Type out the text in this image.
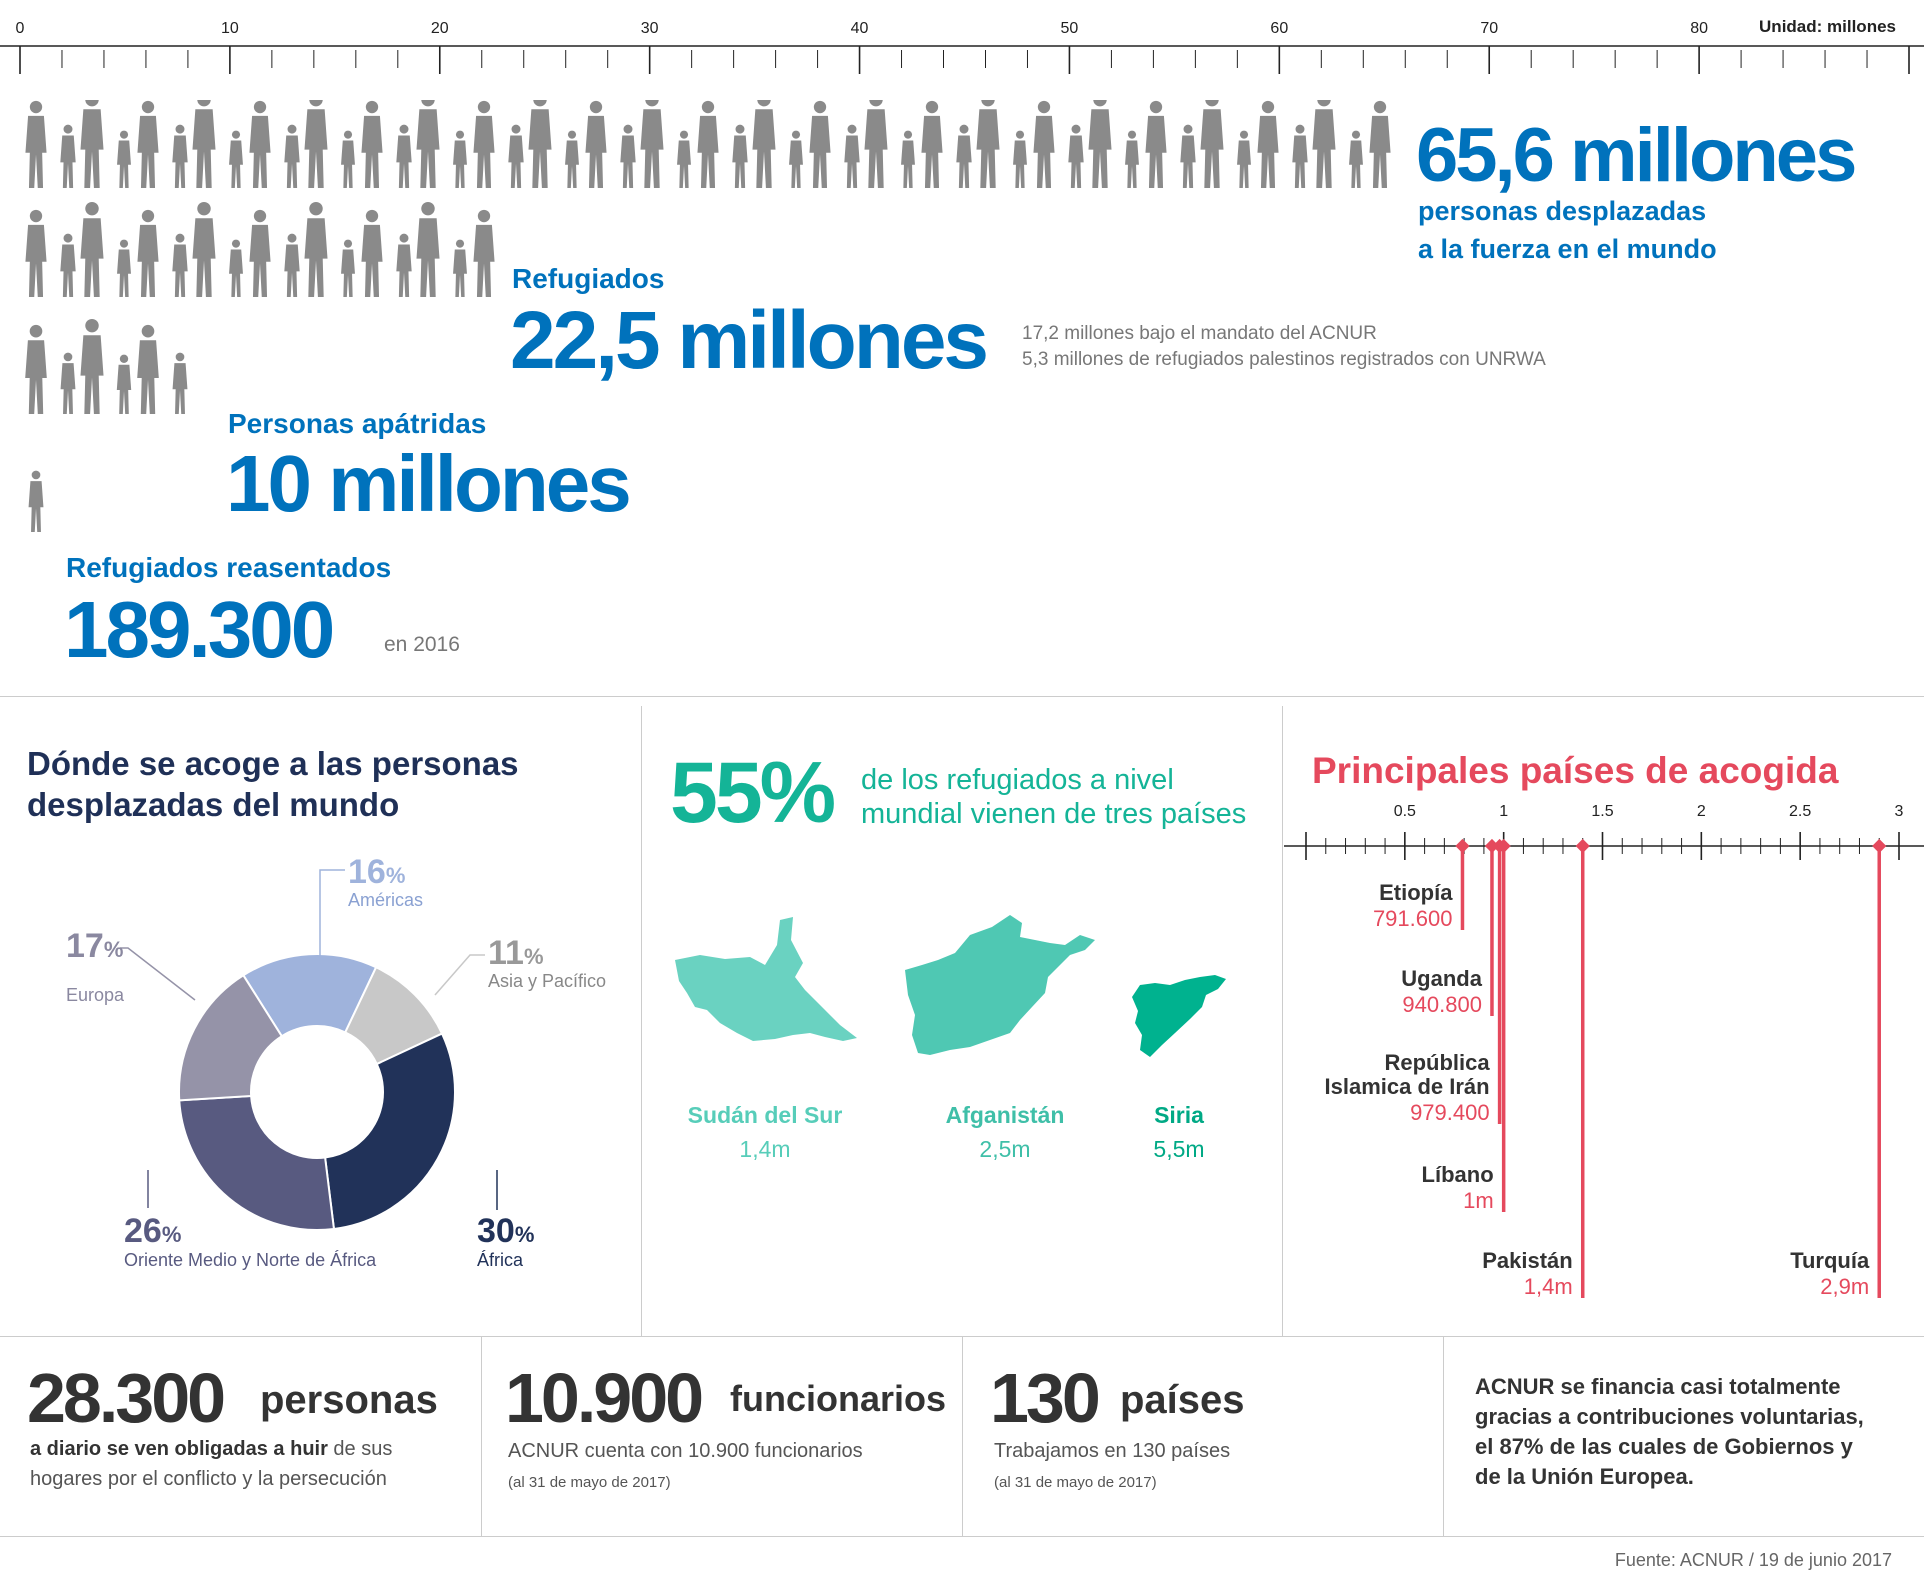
0	10	20	30	40	50	60	70	80	Unidad: millones
65,6 millones
personas desplazadas
a la fuerza en el mundo
Refugiados
22,5 millones 17,2 millones bajo el mandato del ACNUR
5,3 millones de refugiados palestinos registrados con UNRWA
Personas apátridas
10 millones
Refugiados reasentados
189.300 en 2016
Dónde se acoge a las personas
desplazadas del mundo
16%
Américas
11%
Asia y Pacífico
30%
África
26%
Oriente Medio y Norte de África
17%
Europa
55% de los refugiados a nivel
mundial vienen de tres países
Sudán del Sur
1,4m
Afganistán
2,5m
Siria
5,5m
Principales países de acogida
0.5	1	1.5	2	2.5	3
Etiopía
791.600
Uganda
940.800
República
Islamica de Irán
979.400
Líbano
1m
Pakistán
1,4m
Turquía
2,9m
28.300 personas
a diario se ven obligadas a huir de sus
hogares por el conflicto y la persecución
10.900 funcionarios
ACNUR cuenta con 10.900 funcionarios
(al 31 de mayo de 2017)
130 países
Trabajamos en 130 países
(al 31 de mayo de 2017)
ACNUR se financia casi totalmente
gracias a contribuciones voluntarias,
el 87% de las cuales de Gobiernos y
de la Unión Europea.
Fuente: ACNUR / 19 de junio 2017
